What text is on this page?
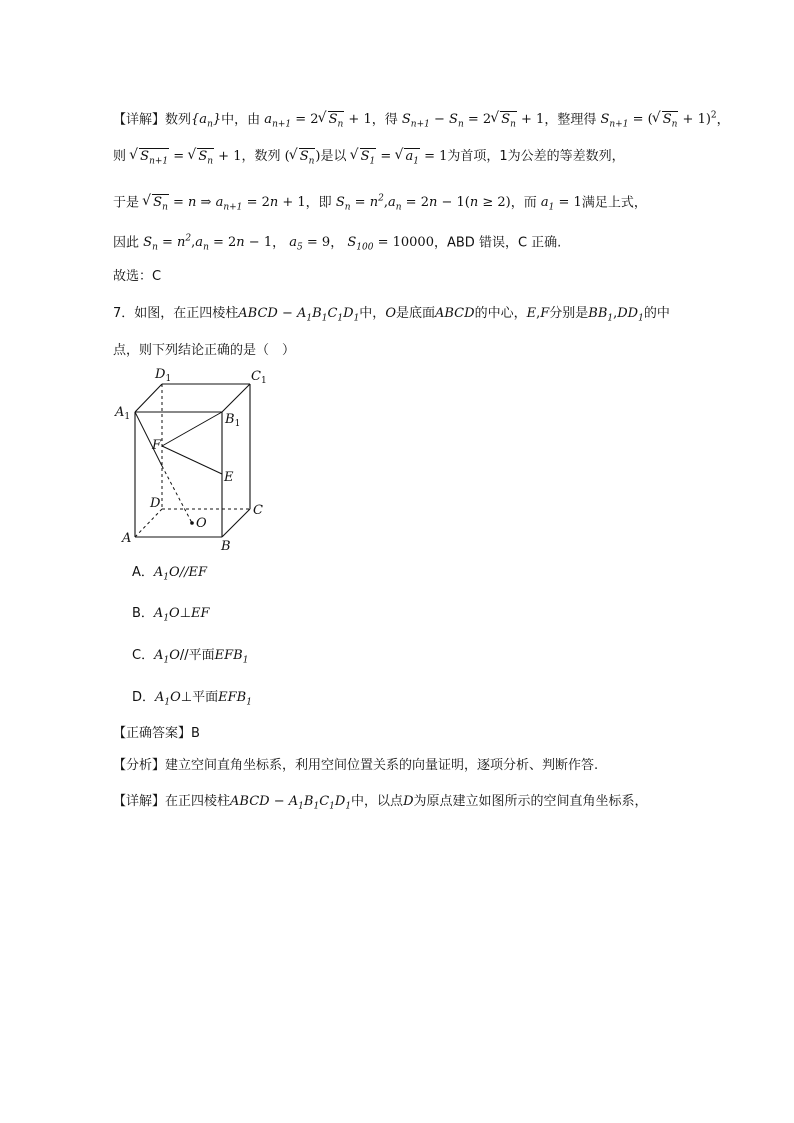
【详解】数列$\{a_n\}$中，由 $a_{n+1} = 2√$ $S_n + 1$，得 $S_{n+1} - S_n = 2√$ $S_n + 1$，整理得 $S_{n+1}$ = (√ $S_n + 1)^2$，
则 √ $S_{n+1}$ = √ $S_n + 1$，数列 (√ $S_n$)是以 √ $S_1$ = √ $a_1 = 1$为首项，1为公差的等差数列，
于是 √ $S_n = n$ ⇒ $a_{n+1} = 2n + 1$，即 $S_n = n^2,a_n = 2n - 1(n \ge 2)$，而 $a_1 = 1$满足上式，
因此 $S_n = n^2,a_n = 2n - 1$， $a_5 = 9$， $S_{100} = 10000$，ABD 错误，C 正确.
故选：C
7．如图，在正四棱柱ABCD − $A_1B_1C_1D_1$中，O是底面ABCD的中心，E,F分别是$BB_1,DD_1$的中
点，则下列结论正确的是（　）
$D_1$	$C_1$
$A_1$	$B_1$
F
E
D	C
O
A
B
A．$A_1O//EF$
B．$A_1O\perp EF$
C．$A_1O//$平面$EFB_1$
D．$A_1O\perp$平面$EFB_1$
【正确答案】B
【分析】建立空间直角坐标系，利用空间位置关系的向量证明，逐项分析、判断作答.
【详解】在正四棱柱ABCD − $A_1B_1C_1D_1$中，以点D为原点建立如图所示的空间直角坐标系，
